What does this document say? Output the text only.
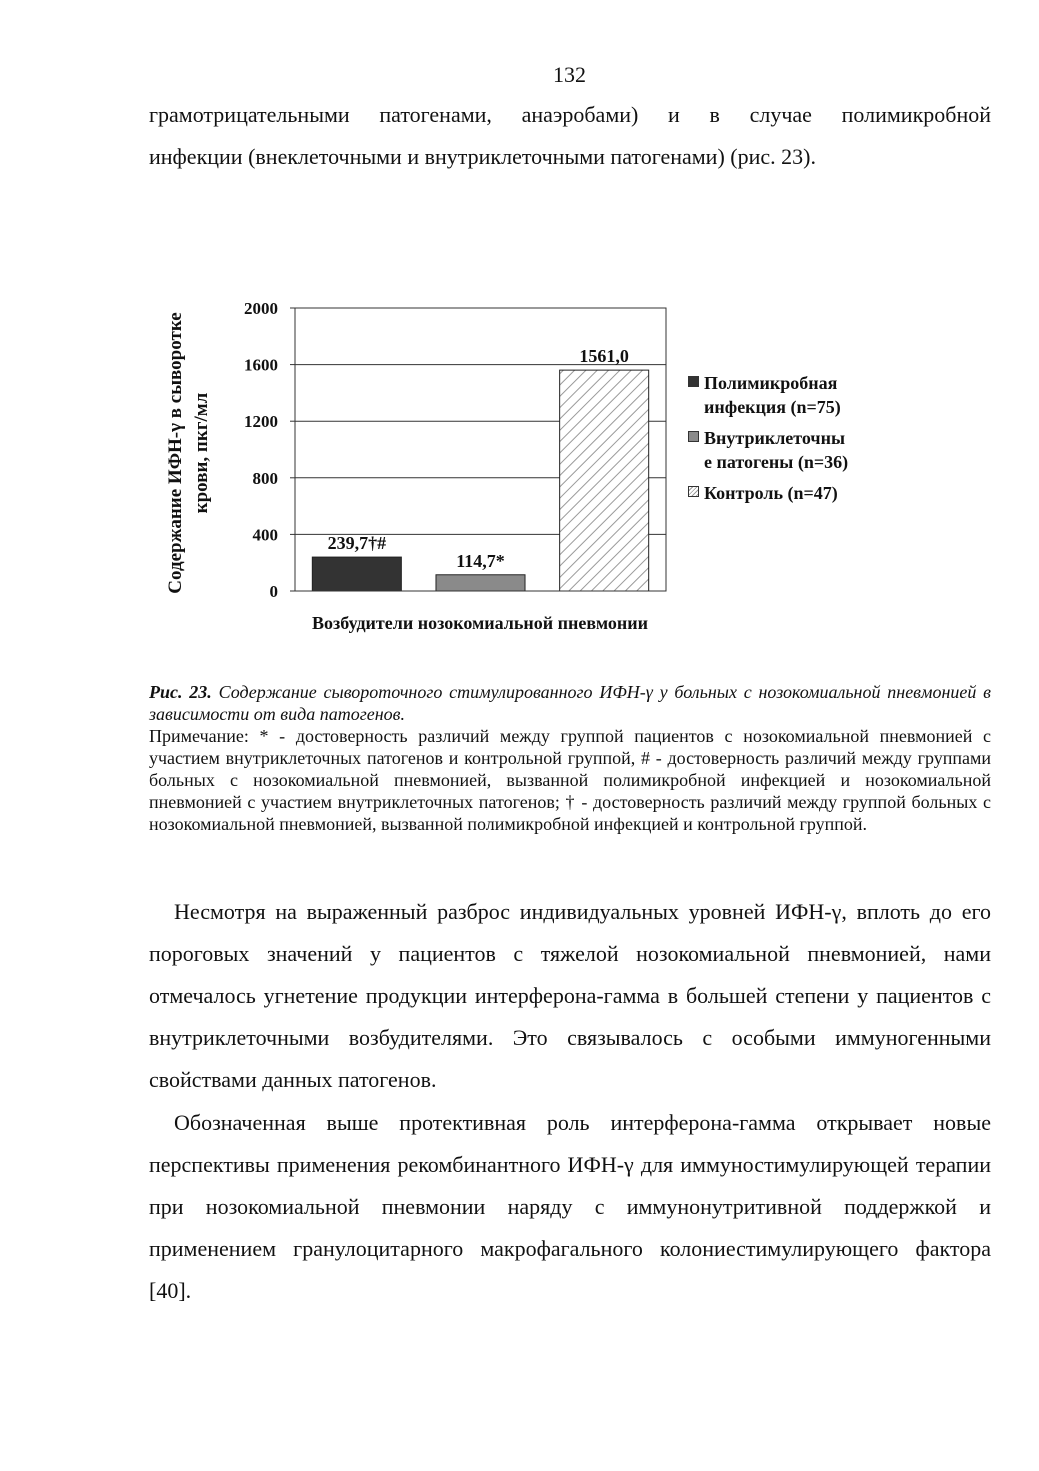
132
грамотрицательными патогенами, анаэробами) и в случае полимикробной
инфекции (внеклеточными и внутриклеточными патогенами) (рис. 23).
Содержание ИФН-γ в сыворотке крови, пкг/мл
0
400
800
1200
1600
2000
239,7†#
114,7*
1561,0
Возбудители нозокомиальной пневмонии
Полимикробная
инфекция (n=75)
Внутриклеточны
е патогены (n=36)
Контроль (n=47)
Рис. 23. Содержание сывороточного стимулированного ИФН-γ у больных с нозокомиальной пневмонией в зависимости от вида патогенов.
Примечание: * - достоверность различий между группой пациентов с нозокомиальной пневмонией с участием внутриклеточных патогенов и контрольной группой, # - достоверность различий между группами больных с нозокомиальной пневмонией, вызванной полимикробной инфекцией и нозокомиальной пневмонией с участием внутриклеточных патогенов; † - достоверность различий между группой больных с нозокомиальной пневмонией, вызванной полимикробной инфекцией и контрольной группой.
Несмотря на выраженный разброс индивидуальных уровней ИФН-γ, вплоть до его пороговых значений у пациентов с тяжелой нозокомиальной пневмонией, нами отмечалось угнетение продукции интерферона-гамма в большей степени у пациентов с внутриклеточными возбудителями. Это связывалось с особыми иммуногенными свойствами данных патогенов.
Обозначенная выше протективная роль интерферона-гамма открывает новые перспективы применения рекомбинантного ИФН-γ для иммуностимулирующей терапии при нозокомиальной пневмонии наряду с иммунонутритивной поддержкой и применением гранулоцитарного макрофагального колониестимулирующего фактора [40].
